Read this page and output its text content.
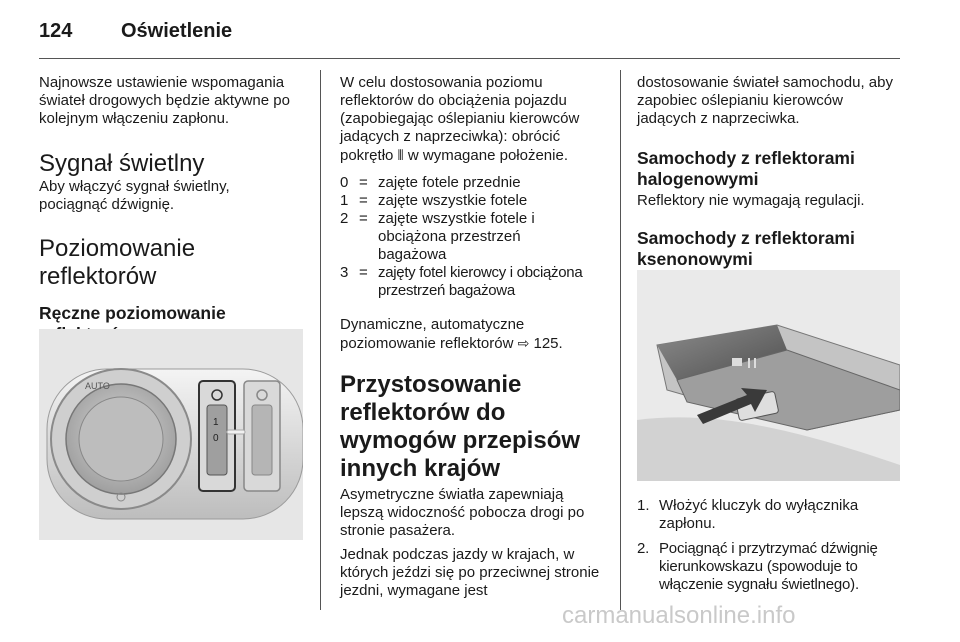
124 Oświetlenie

Najnowsze ustawienie wspomagania świateł drogowych będzie aktywne po kolejnym włączeniu zapłonu.

Sygnał świetlny

Aby włączyć sygnał świetlny, pociągnąć dźwignię.

Poziomowanie reflektorów

Ręczne poziomowanie

AUTO
1
0

W celu dostosowania poziomu reflektorów do obciążenia pojazdu (zapobiegając oślepianiu kierowców jadących z naprzeciwka): obrócić pokrętło ⦀ w wymagane położenie.

0 = zajęte fotele przednie
1 = zajęte wszystkie fotele
2 = zajęte wszystkie fotele i obciążona przestrzeń bagażowa
3 = zajęty fotel kierowcy i obciążona przestrzeń bagażowa

Dynamiczne, automatyczne poziomowanie reflektorów ⇨ 125.

Przystosowanie reflektorów do wymogów przepisów innych krajów

Asymetryczne światła zapewniają lepszą widoczność pobocza drogi po stronie pasażera.

Jednak podczas jazdy w krajach, w których jeździ się po przeciwnej stronie jezdni, wymagane jest

dostosowanie świateł samochodu, aby zapobiec oślepianiu kierowców jadących z naprzeciwka.

Samochody z reflektorami halogenowymi

Reflektory nie wymagają regulacji.

Samochody z reflektorami ksenonowymi

1. Włożyć kluczyk do wyłącznika zapłonu.
2. Pociągnąć i przytrzymać dźwignię kierunkowskazu (spowoduje to włączenie sygnału świetlnego).
carmanualsonline.info
